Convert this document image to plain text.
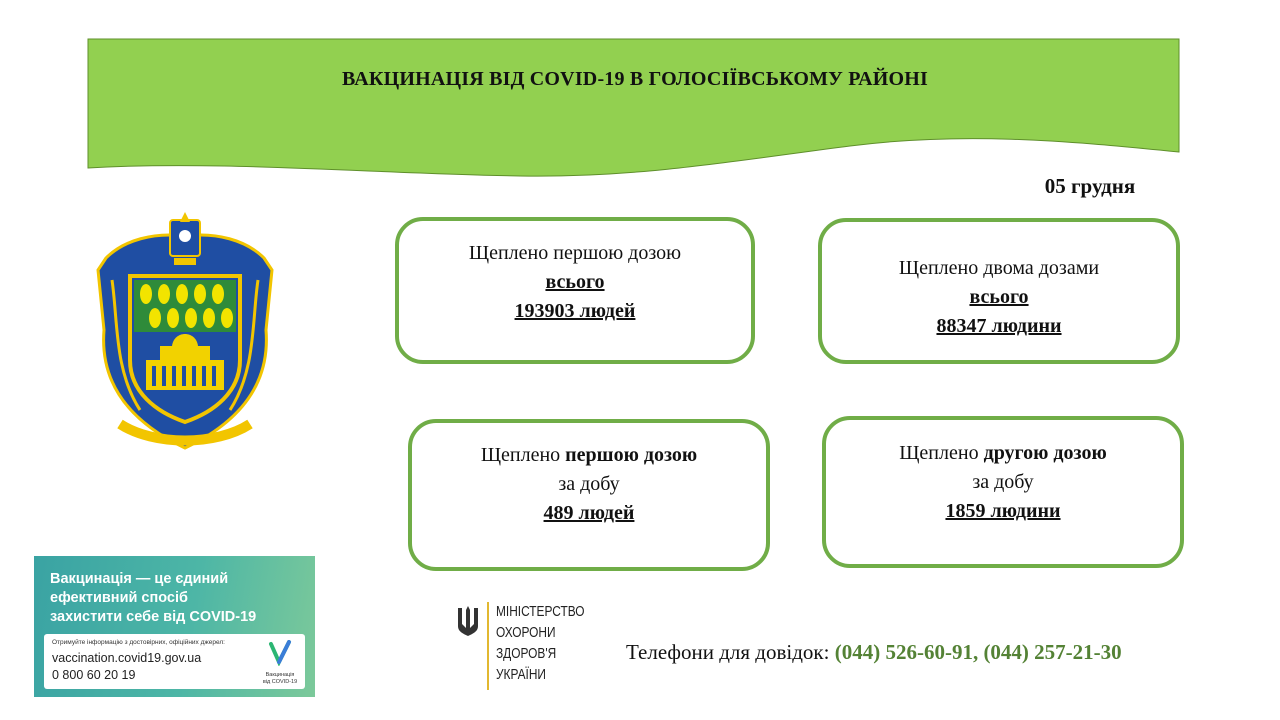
ВАКЦИНАЦІЯ ВІД COVID-19 В ГОЛОСІЇВСЬКОМУ РАЙОНІ
05 грудня
Щеплено першою дозою
всього
193903 людей
Щеплено двома дозами
всього
88347 людини
Щеплено першою дозою
за добу
489 людей
Щеплено другою дозою
за добу
1859 людини
Вакцинація — це єдиний
ефективний спосіб
захистити себе від COVID-19
Отримуйте інформацію з достовірних, офіційних джерел:
vaccination.covid19.gov.ua
0 800 60 20 19	Вакцинація
від COVID-19
МІНІСТЕРСТВО
ОХОРОНИ
ЗДОРОВ'Я
УКРАЇНИ
Телефони для довідок: (044) 526-60-91, (044) 257-21-30
